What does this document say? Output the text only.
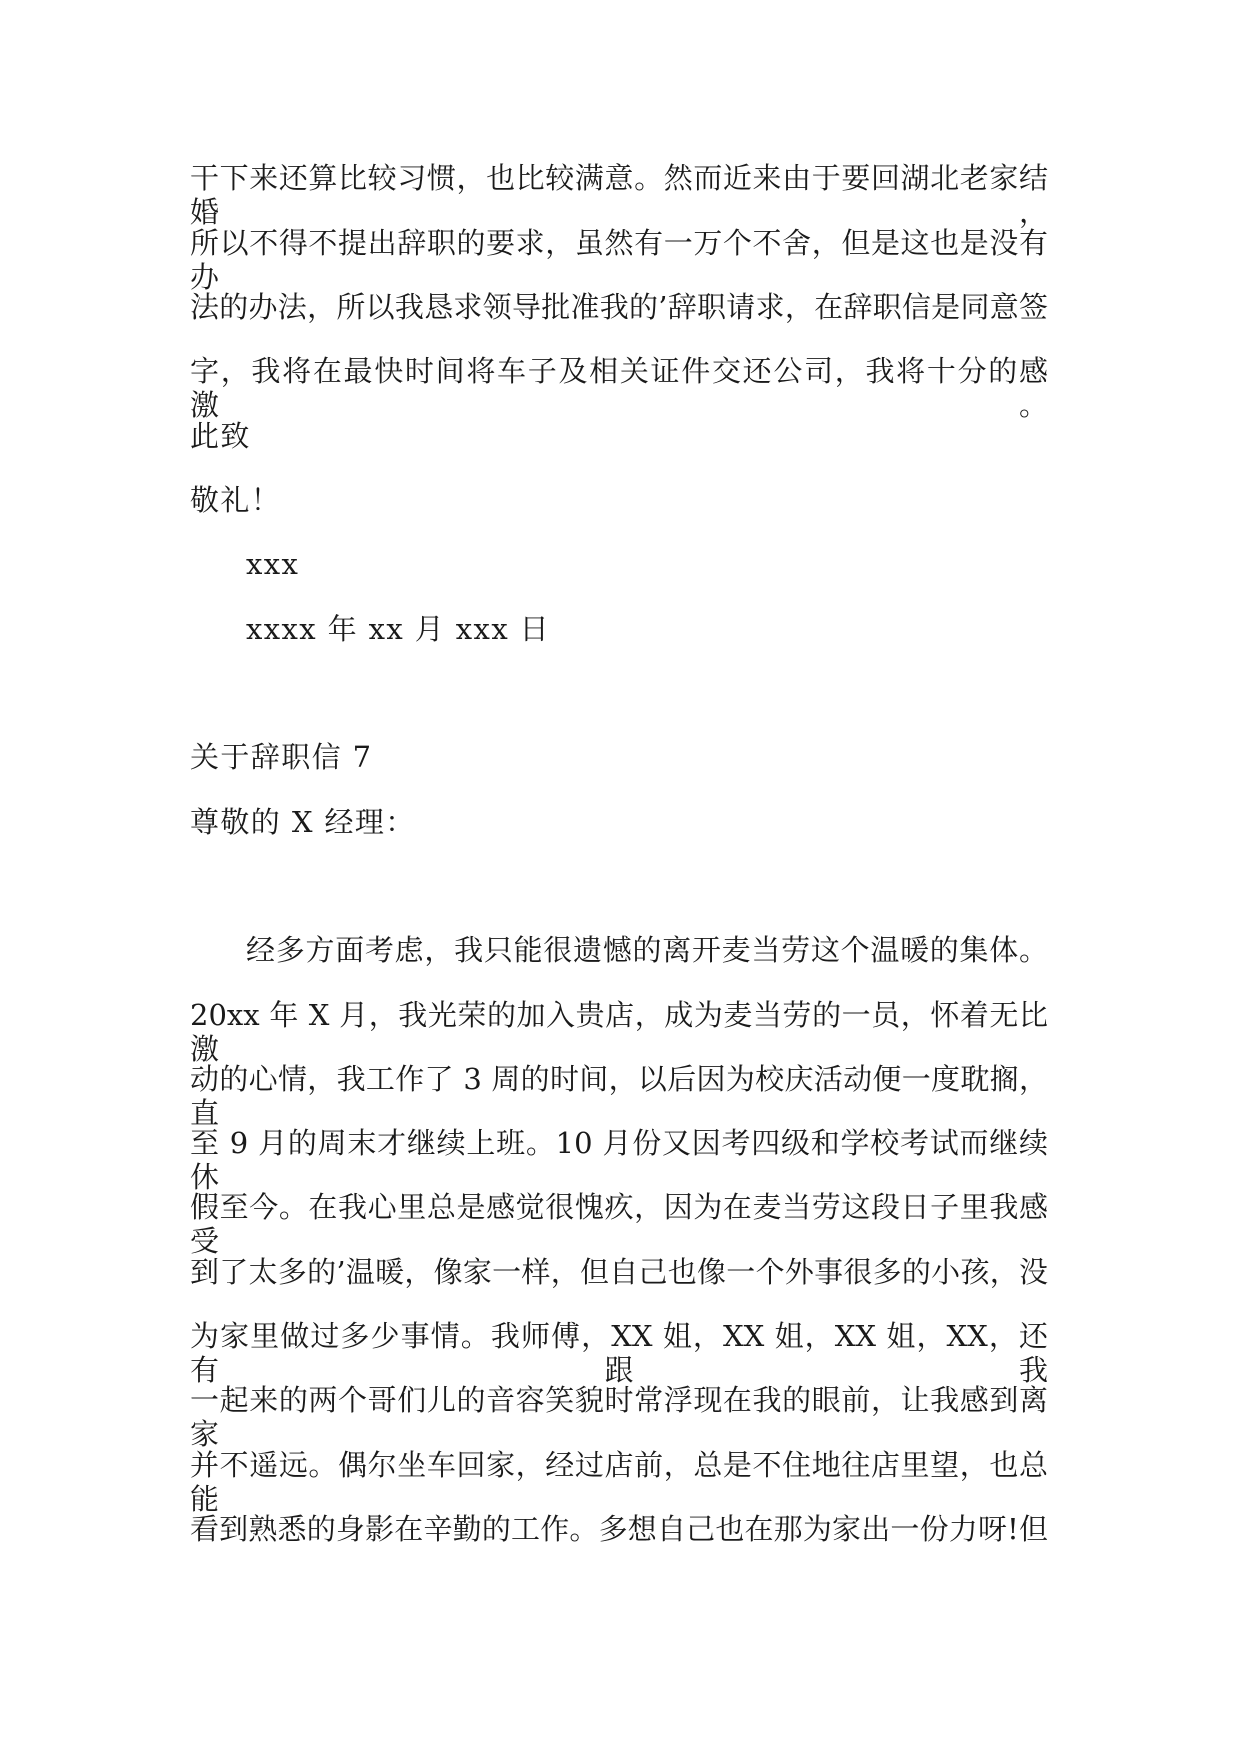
干下来还算比较习惯，也比较满意。然而近来由于要回湖北老家结婚，
所以不得不提出辞职的要求，虽然有一万个不舍，但是这也是没有办
法的办法，所以我恳求领导批准我的’辞职请求，在辞职信是同意签
字，我将在最快时间将车子及相关证件交还公司，我将十分的感激。
此致
敬礼！
xxx
xxxx 年 xx 月 xxx 日
关于辞职信 7
尊敬的 X 经理：
经多方面考虑，我只能很遗憾的离开麦当劳这个温暖的集体。
20xx 年 X 月，我光荣的加入贵店，成为麦当劳的一员，怀着无比激
动的心情，我工作了 3 周的时间，以后因为校庆活动便一度耽搁，直
至 9 月的周末才继续上班。10 月份又因考四级和学校考试而继续休
假至今。在我心里总是感觉很愧疚，因为在麦当劳这段日子里我感受
到了太多的’温暖，像家一样，但自己也像一个外事很多的小孩，没
为家里做过多少事情。我师傅，XX 姐，XX 姐，XX 姐，XX，还有跟我
一起来的两个哥们儿的音容笑貌时常浮现在我的眼前，让我感到离家
并不遥远。偶尔坐车回家，经过店前，总是不住地往店里望，也总能
看到熟悉的身影在辛勤的工作。多想自己也在那为家出一份力呀!但
